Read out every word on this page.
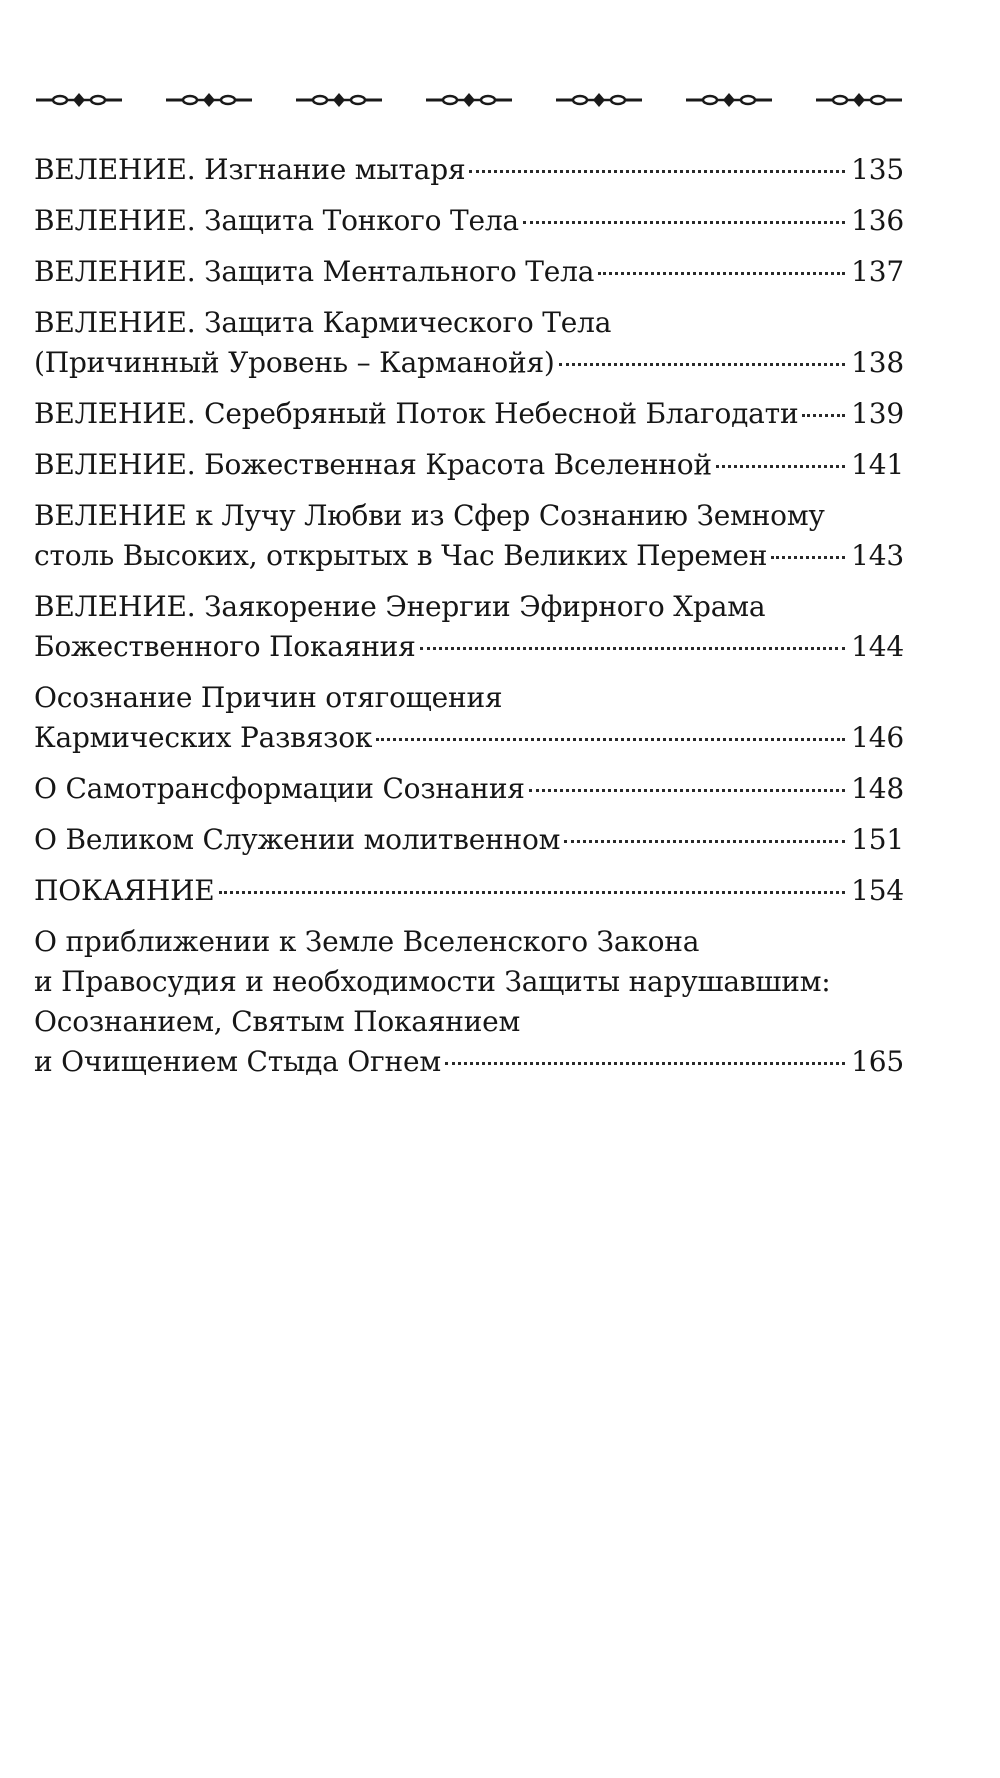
ВЕЛЕНИЕ. Изгнание мытаря	135
ВЕЛЕНИЕ. Защита Тонкого Тела	136
ВЕЛЕНИЕ. Защита Ментального Тела	137
ВЕЛЕНИЕ. Защита Кармического Тела
(Причинный Уровень – Карманойя)	138
ВЕЛЕНИЕ. Серебряный Поток Небесной Благодати 139
ВЕЛЕНИЕ. Божественная Красота Вселенной	141
ВЕЛЕНИЕ к Лучу Любви из Сфер Сознанию Земному
столь Высоких, открытых в Час Великих Перемен	143
ВЕЛЕНИЕ. Заякорение Энергии Эфирного Храма
Божественного Покаяния	144
Осознание Причин отягощения
Кармических Развязок	146
О Самотрансформации Сознания	148
О Великом Служении молитвенном	151
ПОКАЯНИЕ	154
О приближении к Земле Вселенского Закона
и Правосудия и необходимости Защиты нарушавшим:
Осознанием, Святым Покаянием
и Очищением Стыда Огнем	165
